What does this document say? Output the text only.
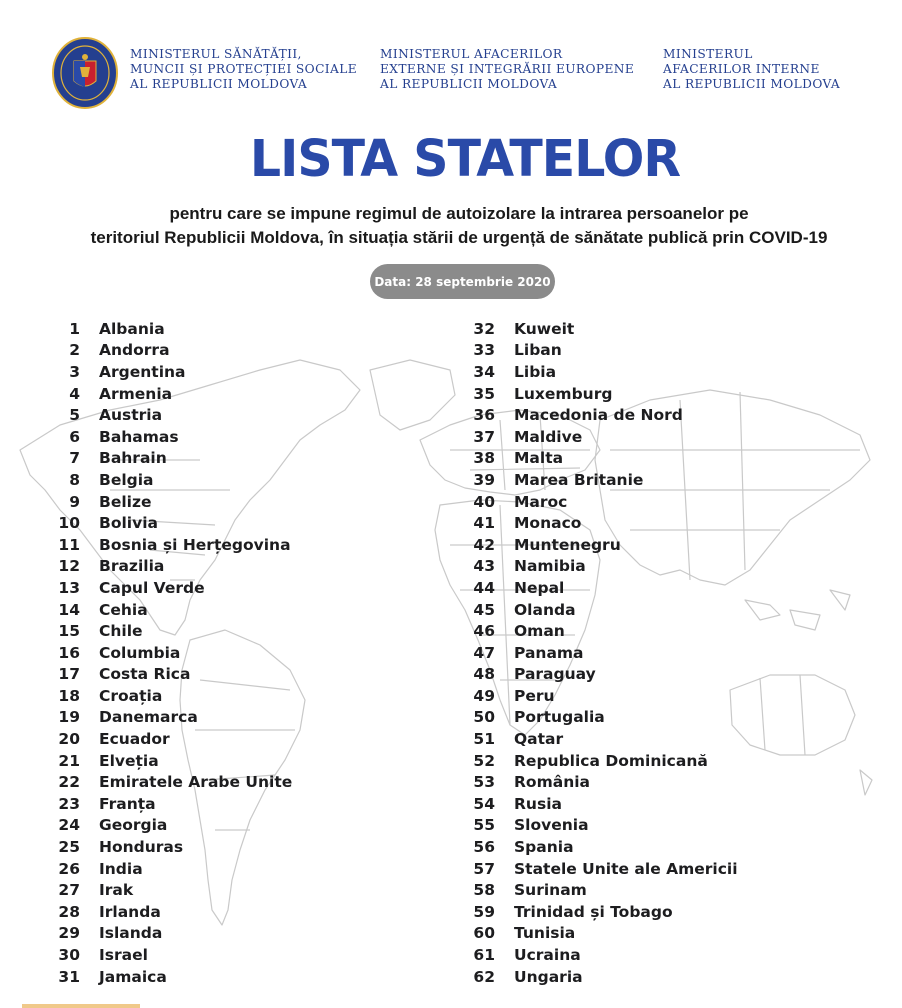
MINISTERUL SĂNĂTĂȚII,
MUNCII ȘI PROTECȚIEI SOCIALE
AL REPUBLICII MOLDOVA
MINISTERUL AFACERILOR
EXTERNE ȘI INTEGRĂRII EUROPENE
AL REPUBLICII MOLDOVA
MINISTERUL
AFACERILOR INTERNE
AL REPUBLICII MOLDOVA
LISTA STATELOR
pentru care se impune regimul de autoizolare la intrarea persoanelor pe
teritoriul Republicii Moldova, în situația stării de urgență de sănătate publică prin COVID-19
Data: 28 septembrie 2020
1 Albania
2 Andorra
3 Argentina
4 Armenia
5 Austria
6 Bahamas
7 Bahrain
8 Belgia
9 Belize
10 Bolivia
11 Bosnia și Herțegovina
12 Brazilia
13 Capul Verde
14 Cehia
15 Chile
16 Columbia
17 Costa Rica
18 Croația
19 Danemarca
20 Ecuador
21 Elveția
22 Emiratele Arabe Unite
23 Franța
24 Georgia
25 Honduras
26 India
27 Irak
28 Irlanda
29 Islanda
30 Israel
31 Jamaica
32 Kuweit
33 Liban
34 Libia
35 Luxemburg
36 Macedonia de Nord
37 Maldive
38 Malta
39 Marea Britanie
40 Maroc
41 Monaco
42 Muntenegru
43 Namibia
44 Nepal
45 Olanda
46 Oman
47 Panama
48 Paraguay
49 Peru
50 Portugalia
51 Qatar
52 Republica Dominicană
53 România
54 Rusia
55 Slovenia
56 Spania
57 Statele Unite ale Americii
58 Surinam
59 Trinidad și Tobago
60 Tunisia
61 Ucraina
62 Ungaria
